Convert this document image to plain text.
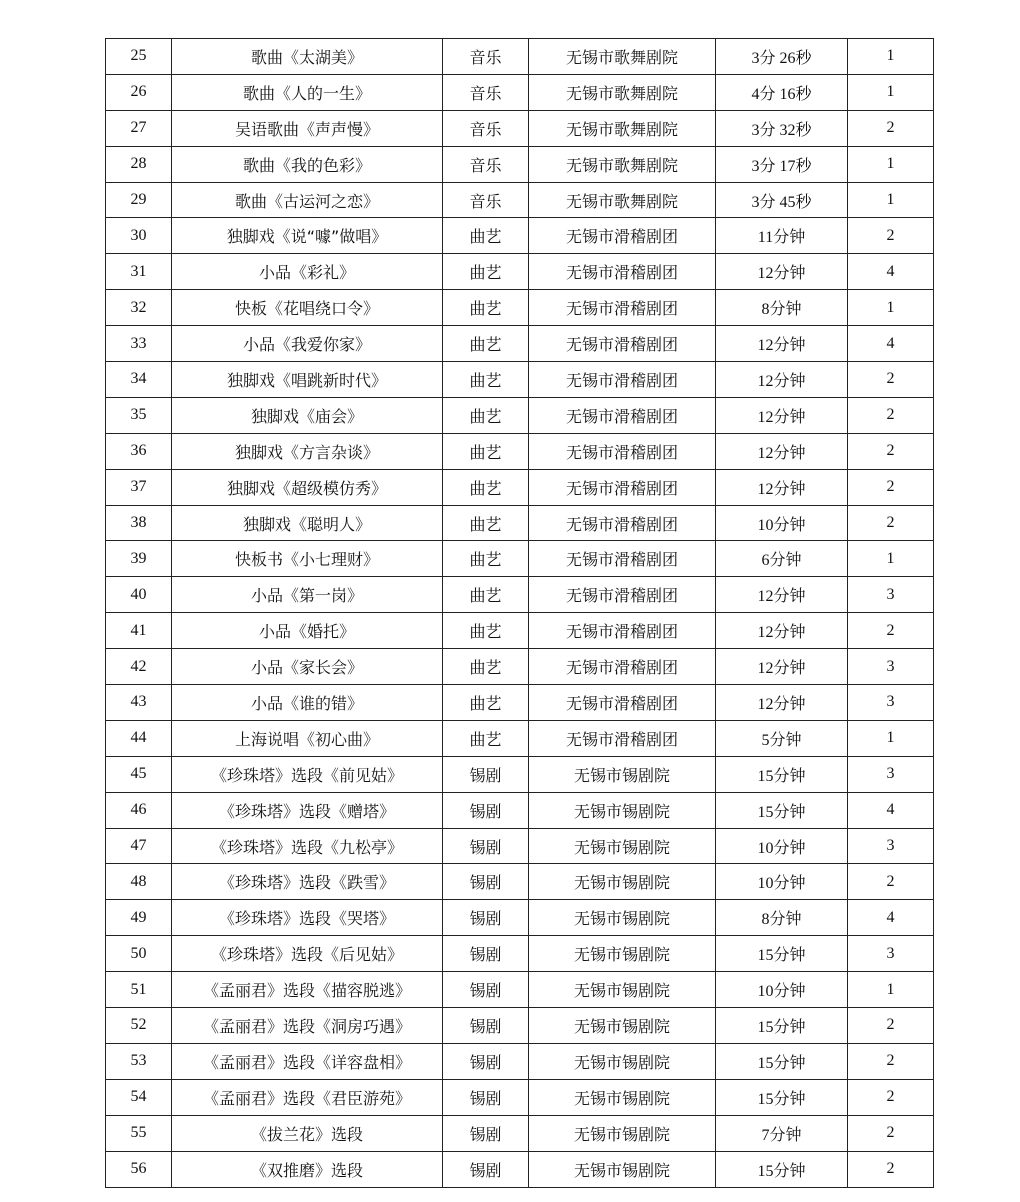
25	歌曲《太湖美》	音乐	无锡市歌舞剧院	3分 26秒	1
26	歌曲《人的一生》	音乐	无锡市歌舞剧院	4分 16秒	1
27	吴语歌曲《声声慢》	音乐	无锡市歌舞剧院	3分 32秒	2
28	歌曲《我的色彩》	音乐	无锡市歌舞剧院	3分 17秒	1
29	歌曲《古运河之恋》	音乐	无锡市歌舞剧院	3分 45秒	1
30	独脚戏《说“噱”做唱》	曲艺	无锡市滑稽剧团	11分钟	2
31	小品《彩礼》	曲艺	无锡市滑稽剧团	12分钟	4
32	快板《花唱绕口令》	曲艺	无锡市滑稽剧团	8分钟	1
33	小品《我爱你家》	曲艺	无锡市滑稽剧团	12分钟	4
34	独脚戏《唱跳新时代》	曲艺	无锡市滑稽剧团	12分钟	2
35	独脚戏《庙会》	曲艺	无锡市滑稽剧团	12分钟	2
36	独脚戏《方言杂谈》	曲艺	无锡市滑稽剧团	12分钟	2
37	独脚戏《超级模仿秀》	曲艺	无锡市滑稽剧团	12分钟	2
38	独脚戏《聪明人》	曲艺	无锡市滑稽剧团	10分钟	2
39	快板书《小七理财》	曲艺	无锡市滑稽剧团	6分钟	1
40	小品《第一岗》	曲艺	无锡市滑稽剧团	12分钟	3
41	小品《婚托》	曲艺	无锡市滑稽剧团	12分钟	2
42	小品《家长会》	曲艺	无锡市滑稽剧团	12分钟	3
43	小品《谁的错》	曲艺	无锡市滑稽剧团	12分钟	3
44	上海说唱《初心曲》	曲艺	无锡市滑稽剧团	5分钟	1
45	《珍珠塔》选段《前见姑》	锡剧	无锡市锡剧院	15分钟	3
46	《珍珠塔》选段《赠塔》	锡剧	无锡市锡剧院	15分钟	4
47	《珍珠塔》选段《九松亭》	锡剧	无锡市锡剧院	10分钟	3
48	《珍珠塔》选段《跌雪》	锡剧	无锡市锡剧院	10分钟	2
49	《珍珠塔》选段《哭塔》	锡剧	无锡市锡剧院	8分钟	4
50	《珍珠塔》选段《后见姑》	锡剧	无锡市锡剧院	15分钟	3
51	《孟丽君》选段《描容脱逃》	锡剧	无锡市锡剧院	10分钟	1
52	《孟丽君》选段《洞房巧遇》	锡剧	无锡市锡剧院	15分钟	2
53	《孟丽君》选段《详容盘相》	锡剧	无锡市锡剧院	15分钟	2
54	《孟丽君》选段《君臣游苑》	锡剧	无锡市锡剧院	15分钟	2
55	《拔兰花》选段	锡剧	无锡市锡剧院	7分钟	2
56	《双推磨》选段	锡剧	无锡市锡剧院	15分钟	2
